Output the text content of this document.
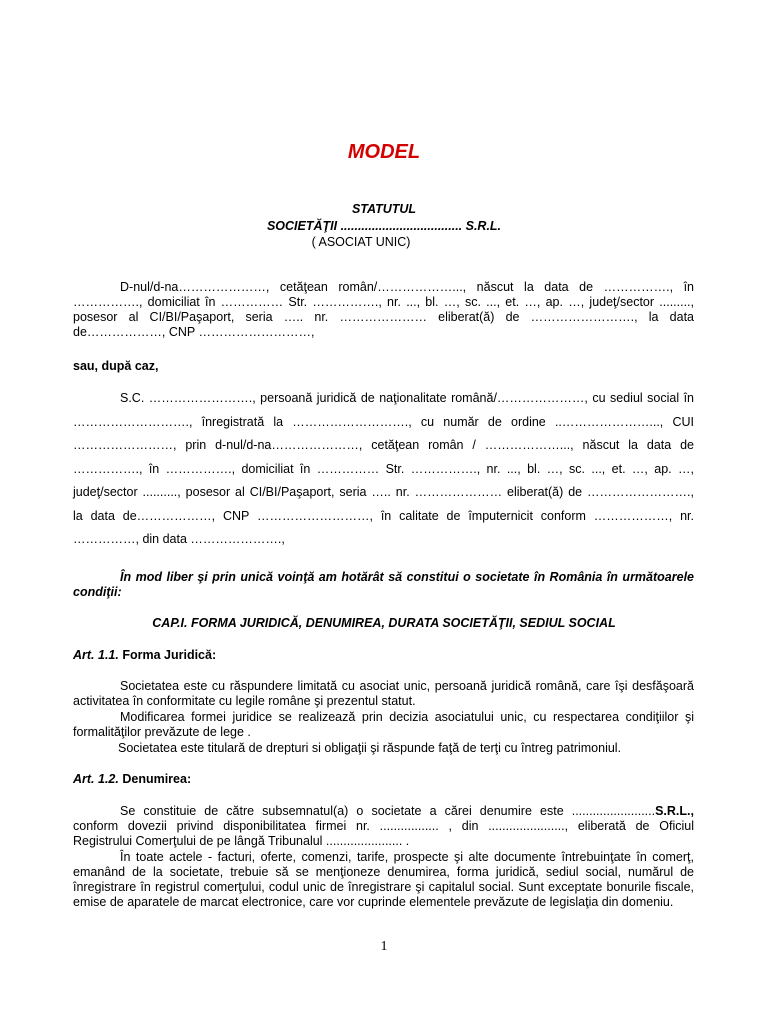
MODEL
STATUTUL
SOCIETĂŢII ................................... S.R.L.
( ASOCIAT UNIC)
D-nul/d-na…………………, cetăţean român/………………..., născut la data de ……………., în
……………., domiciliat în …………… Str. ……………., nr. ..., bl. …, sc. ..., et. …, ap. …, judeţ/sector .........,
posesor al CI/BI/Paşaport, seria ….. nr. ………………… eliberat(ă) de ……………………., la data
de………………, CNP ………………………,
sau, după caz,
S.C. ……………………., persoană juridică de naţionalitate română/…………………, cu sediul social în
………………………., înregistrată la ………………………., cu număr de ordine ..…………………..., CUI
……………………, prin d-nul/d-na…………………, cetăţean român / ………………..., născut la data de
……………., în ……………., domiciliat în …………… Str. ……………., nr. ..., bl. …, sc. ..., et. …, ap. …,
judeţ/sector .........., posesor al CI/BI/Paşaport, seria ….. nr. ………………… eliberat(ă) de …………………….,
la data de………………, CNP ………………………, în calitate de împuternicit conform ………………, nr.
……………, din data ………………….,
În mod liber şi prin unică voinţă am hotărât să constitui o societate în România în următoarele condiţii:
CAP.I. FORMA JURIDICĂ, DENUMIREA, DURATA SOCIETĂŢII, SEDIUL SOCIAL
Art. 1.1. Forma Juridică:
Societatea este cu răspundere limitată cu asociat unic, persoană juridică română, care îşi desfăşoară activitatea în conformitate cu legile române şi prezentul statut.
Modificarea formei juridice se realizează prin decizia asociatului unic, cu respectarea condiţiilor şi formalităţilor prevăzute de lege .
Societatea este titulară de drepturi si obligaţii şi răspunde faţă de terţi cu întreg patrimoniul.
Art. 1.2. Denumirea:
Se constituie de către subsemnatul(a) o societate a cărei denumire este ........................S.R.L.,
conform dovezii privind disponibilitatea firmei nr. ................. , din ......................, eliberată de Oficiul
Registrului Comerţului de pe lângă Tribunalul ...................... .
În toate actele - facturi, oferte, comenzi, tarife, prospecte şi alte documente întrebuinţate în comerţ, emanând de la societate, trebuie să se menţioneze denumirea, forma juridică, sediul social, numărul de înregistrare în registrul comerţului, codul unic de înregistrare şi capitalul social. Sunt exceptate bonurile fiscale, emise de aparatele de marcat electronice, care vor cuprinde elementele prevăzute de legislaţia din domeniu.
1
